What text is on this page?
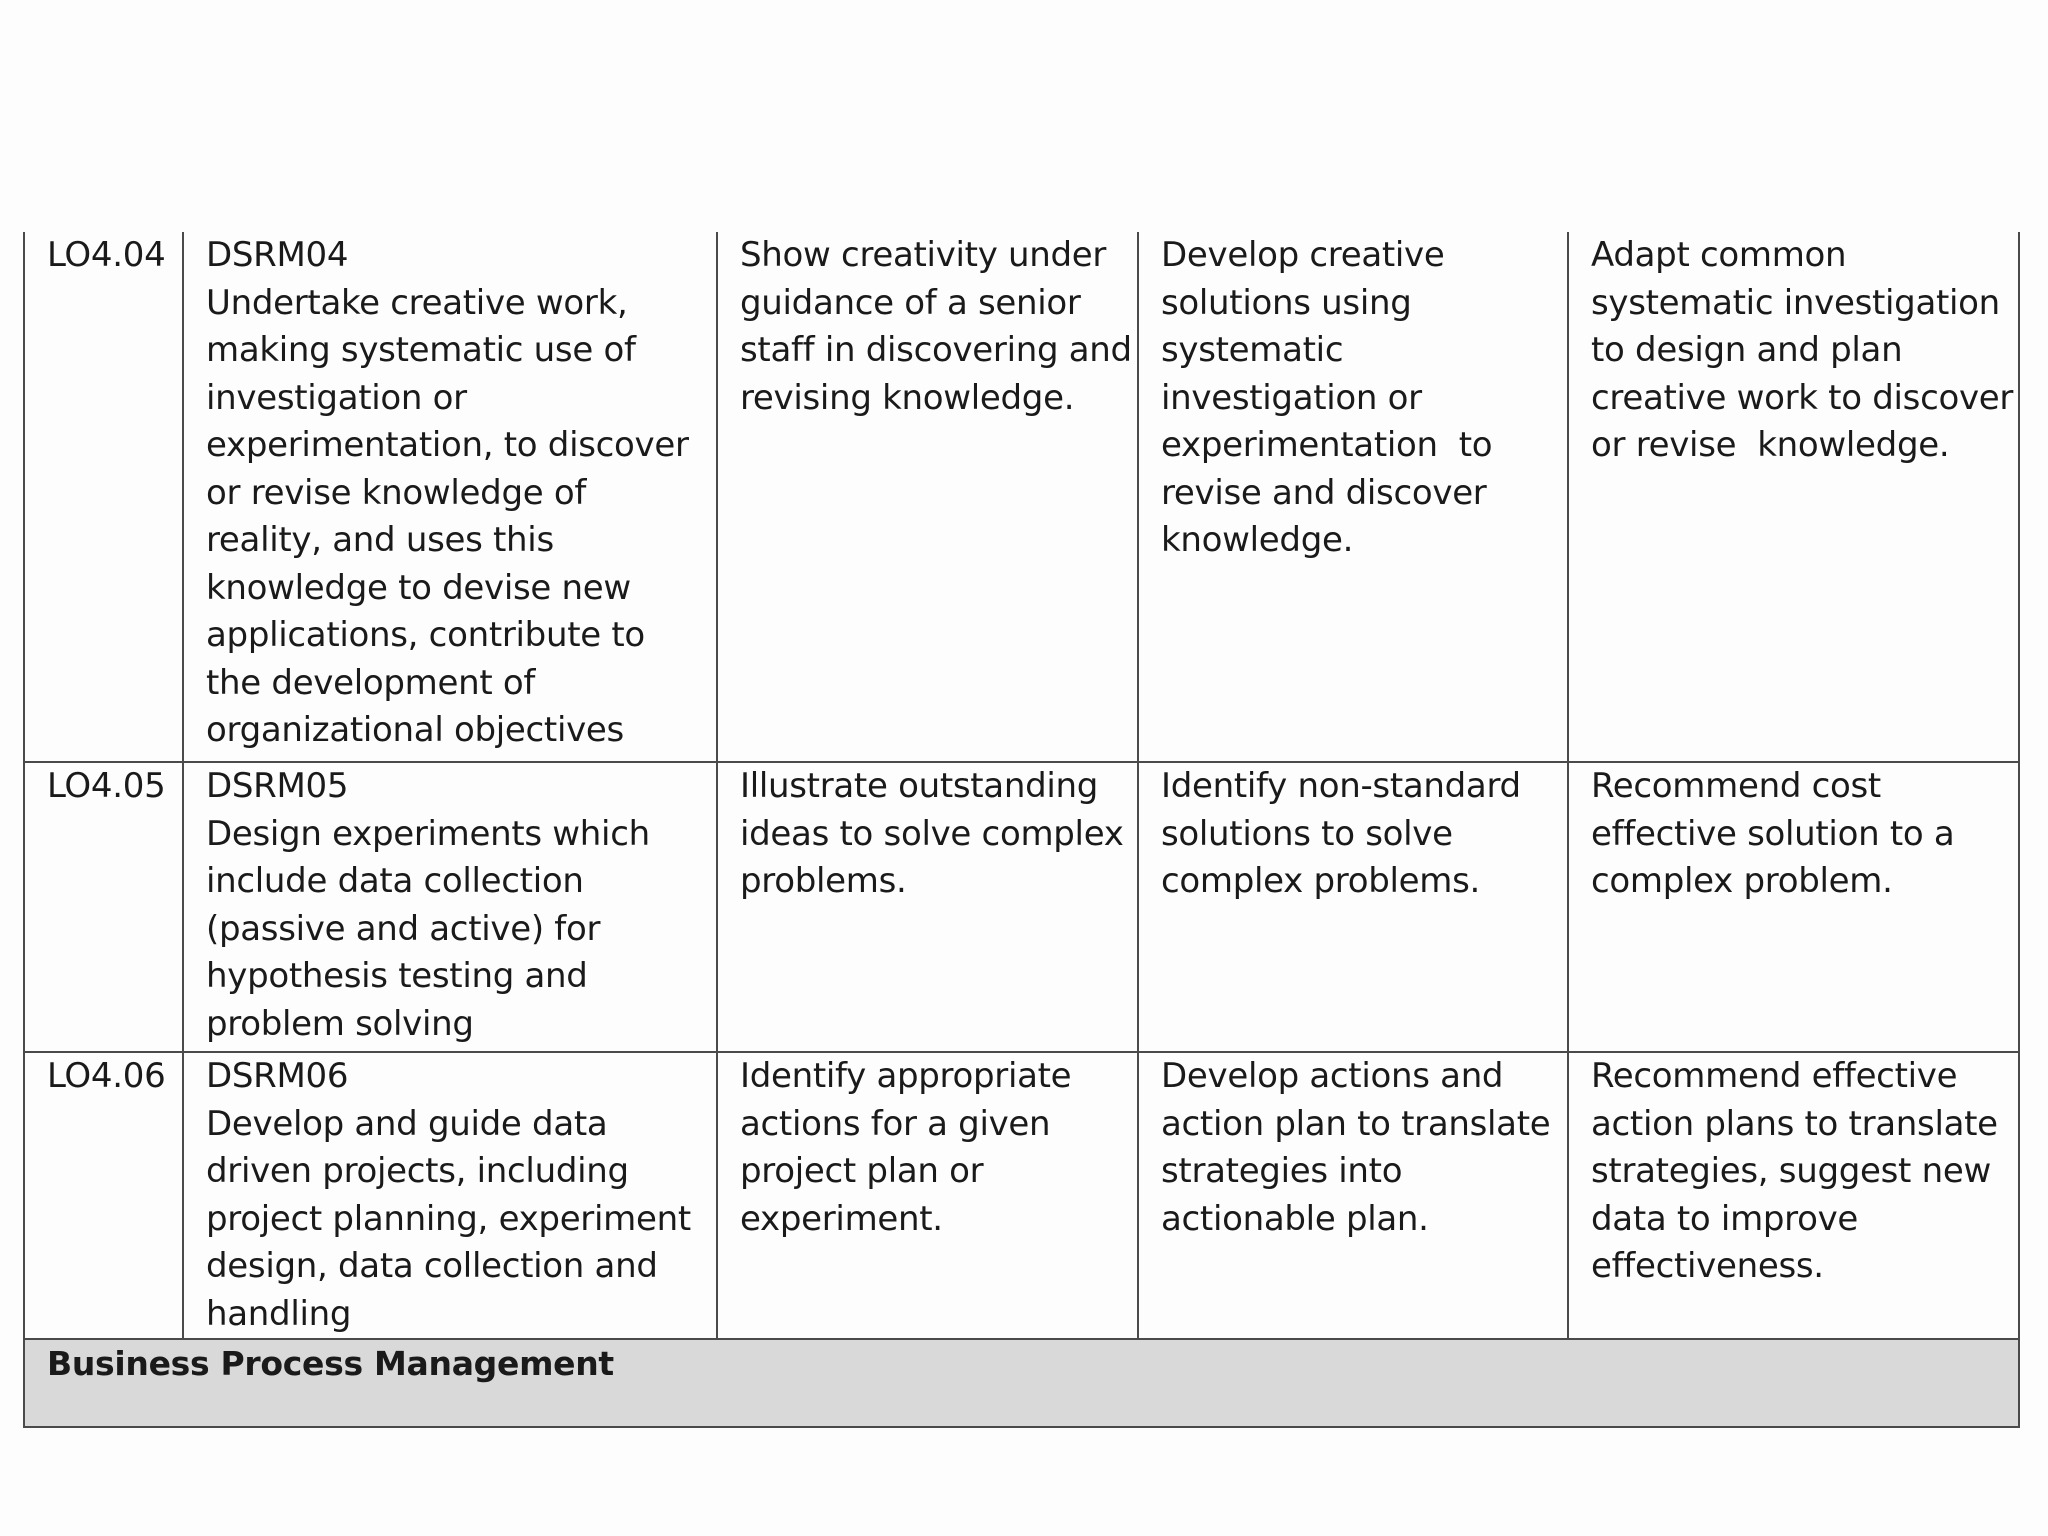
LO4.04	DSRM04
Undertake creative work, making systematic use of investigation or experimentation, to discover or revise knowledge of reality, and uses this knowledge to devise new applications, contribute to  the development of organizational objectives	Show creativity under guidance of a senior staff in discovering and revising knowledge.	Develop creative solutions using systematic investigation or experimentation  to revise and discover knowledge.	Adapt common systematic investigation to design and plan creative work to discover or revise  knowledge.

LO4.05	DSRM05
Design experiments which include data collection (passive and active) for hypothesis testing and problem solving	Illustrate outstanding ideas to solve complex problems.	Identify non-standard solutions to solve complex problems.	Recommend cost effective solution to a complex problem.

LO4.06	DSRM06
Develop and guide data driven projects, including project planning, experiment design, data collection and handling	Identify appropriate actions for a given project plan or experiment.	Develop actions and action plan to translate strategies into actionable plan.	Recommend effective action plans to translate strategies, suggest new data to improve effectiveness.

Business Process Management				
